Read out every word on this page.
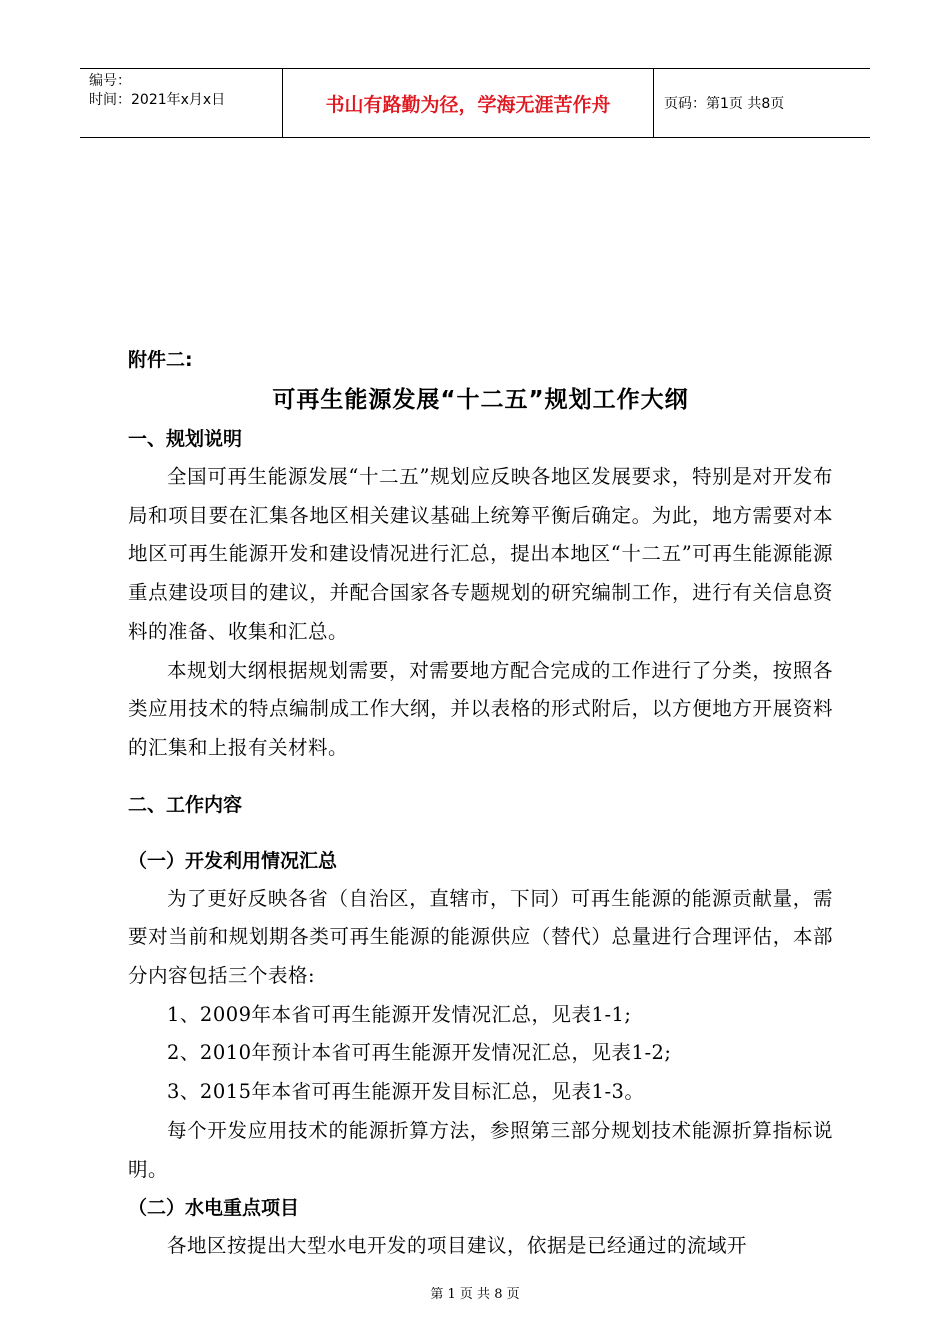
编号：
时间：2021年x月x日	书山有路勤为径，学海无涯苦作舟	页码：第1页 共8页
附件二:
可再生能源发展“十二五”规划工作大纲
一、规划说明

全国可再生能源发展“十二五”规划应反映各地区发展要求，特别是对开发布局和项目要在汇集各地区相关建议基础上统筹平衡后确定。为此，地方需要对本地区可再生能源开发和建设情况进行汇总，提出本地区“十二五”可再生能源能源重点建设项目的建议，并配合国家各专题规划的研究编制工作，进行有关信息资料的准备、收集和汇总。

本规划大纲根据规划需要，对需要地方配合完成的工作进行了分类，按照各类应用技术的特点编制成工作大纲，并以表格的形式附后，以方便地方开展资料的汇集和上报有关材料。

二、工作内容
（一）开发利用情况汇总

为了更好反映各省（自治区，直辖市，下同）可再生能源的能源贡献量，需要对当前和规划期各类可再生能源的能源供应（替代）总量进行合理评估，本部分内容包括三个表格:

1、2009年本省可再生能源开发情况汇总，见表1-1;

2、2010年预计本省可再生能源开发情况汇总，见表1-2;

3、2015年本省可再生能源开发目标汇总，见表1-3。

每个开发应用技术的能源折算方法，参照第三部分规划技术能源折算指标说明。

（二）水电重点项目

各地区按提出大型水电开发的项目建议，依据是已经通过的流域开

第 1 页 共 8 页
